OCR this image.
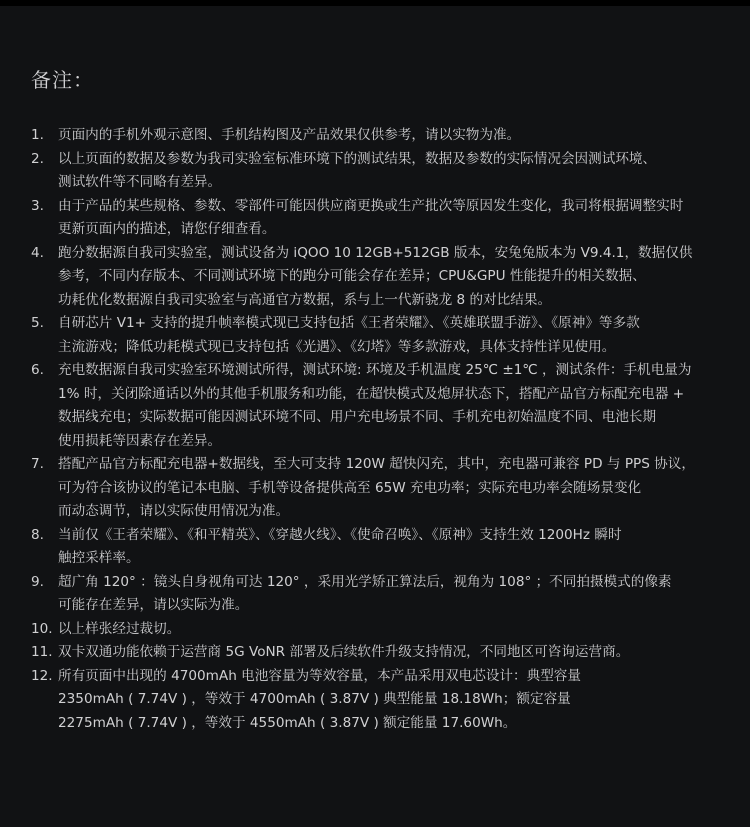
备注：
1.	页面内的手机外观示意图、手机结构图及产品效果仅供参考，请以实物为准。
2.	以上页面的数据及参数为我司实验室标准环境下的测试结果，数据及参数的实际情况会因测试环境、
测试软件等不同略有差异。
3.	由于产品的某些规格、参数、零部件可能因供应商更换或生产批次等原因发生变化，我司将根据调整实时
更新页面内的描述，请您仔细查看。
4.	跑分数据源自我司实验室，测试设备为 iQOO 10 12GB+512GB 版本，安兔兔版本为 V9.4.1，数据仅供
参考，不同内存版本、不同测试环境下的跑分可能会存在差异；CPU&GPU 性能提升的相关数据、
功耗优化数据源自我司实验室与高通官方数据，系与上一代新骁龙 8 的对比结果。
5.	自研芯片 V1+ 支持的提升帧率模式现已支持包括《王者荣耀》、《英雄联盟手游》、《原神》等多款
主流游戏；降低功耗模式现已支持包括《光遇》、《幻塔》等多款游戏，具体支持性详见使用。
6.	充电数据源自我司实验室环境测试所得，测试环境: 环境及手机温度 25℃ ±1℃ ，测试条件：手机电量为
1% 时，关闭除通话以外的其他手机服务和功能，在超快模式及熄屏状态下，搭配产品官方标配充电器 +
数据线充电；实际数据可能因测试环境不同、用户充电场景不同、手机充电初始温度不同、电池长期
使用损耗等因素存在差异。
7.	搭配产品官方标配充电器+数据线，至大可支持 120W 超快闪充，其中，充电器可兼容 PD 与 PPS 协议，
可为符合该协议的笔记本电脑、手机等设备提供高至 65W 充电功率；实际充电功率会随场景变化
而动态调节，请以实际使用情况为准。
8.	当前仅《王者荣耀》、《和平精英》、《穿越火线》、《使命召唤》、《原神》支持生效 1200Hz 瞬时
触控采样率。
9.	超广角 120° ：镜头自身视角可达 120° ，采用光学矫正算法后，视角为 108° ；不同拍摄模式的像素
可能存在差异，请以实际为准。
10. 以上样张经过裁切。
11. 双卡双通功能依赖于运营商 5G VoNR 部署及后续软件升级支持情况，不同地区可咨询运营商。
12. 所有页面中出现的 4700mAh 电池容量为等效容量，本产品采用双电芯设计：典型容量
2350mAh ( 7.74V ) ，等效于 4700mAh ( 3.87V ) 典型能量 18.18Wh；额定容量
2275mAh ( 7.74V ) ，等效于 4550mAh ( 3.87V ) 额定能量 17.60Wh。
